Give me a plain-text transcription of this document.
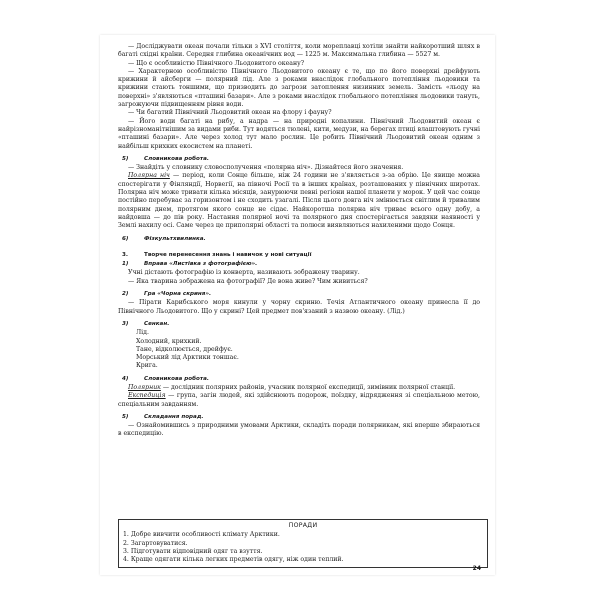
— Досліджувати океан почали тільки з XVI століття, коли мореплавці хотіли знайти найкоротший шлях в багаті східні країни. Середня глибина океанічних вод — 1225 м. Максимальна глибина — 5527 м.

— Що є особливістю Північного Льодовитого океану?

— Характерною особливістю Північного Льодовитого океану є те, що по його поверхні дрейфують крижини й айсберги — полярний лід. Але з роками внаслідок глобального потепління льодовики та крижини стають тоншими, що призводить до загрози затоплення низинних земель. Замість «льоду на поверхні» з'являються «пташині базари». Але з роками внаслідок глобального потепління льодовики тануть, загрожуючи підвищенням рівня води.

— Чи багатий Північний Льодовитий океан на флору і фауну?

— Його води багаті на рибу, а надра — на природні копалини. Північний Льодовитий океан є найрізноманітнішим за видами риби. Тут водяться тюлені, кити, медузи, на берегах птиці влаштовують гучні «пташині базари». Але через холод тут мало рослин. Це робить Північний Льодовитий океан одним з найбільш крихких екосистем на планеті.

5)	Словникова робота.

— Знайдіть у словнику словосполучення «полярна ніч». Дізнайтеся його значення.

Полярна ніч — період, коли Сонце більше, ніж 24 години не з'являється з-за обрію. Це явище можна спостерігати у Фінляндії, Норвегії, на півночі Росії та в інших країнах, розташованих у північних широтах. Полярна ніч може тривати кілька місяців, занурюючи певні регіони нашої планети у морок. У цей час сонце постійно перебуває за горизонтом і не сходить узагалі. Після цього довга ніч змінюється світлим й тривалим полярним днем, протягом якого сонце не сідає. Найкоротша полярна ніч триває всього одну добу, а найдовша — до пів року. Настання полярної ночі та полярного дня спостерігається завдяки наявності у Землі нахилу осі. Саме через це приполярні області та полюси виявляються нахиленими щодо Сонця.

6)	Фізкультхвилинка.

3.	Творче перенесення знань і навичок у нові ситуації

1)	Вправа «Листівка з фотографією».

Учні дістають фотографію із конверта, називають зображену тварину.

— Яка тварина зображена на фотографії? Де вона живе? Чим живиться?

2)	Гра «Чорна скриня».

— Пірати Карибського моря кинули у чорну скриню. Течія Атлантичного океану принесла її до Північного Льодовитого. Що у скрині? Цей предмет пов'язаний з назвою океану. (Лід.)

3)	Сенкан.

Лід.

Холодний, крихкий.

Тане, відколюється, дрейфує.

Морський лід Арктики тоншає.

Крига.

4)	Словникова робота.

Полярник — дослідник полярних районів, учасник полярної експедиції, зимівник полярної станції.

Експедиція — група, загін людей, які здійснюють подорож, поїздку, відрядження зі спеціальною метою, спеціальним завданням.

5)	Складання порад.

— Ознайомившись з природними умовами Арктики, складіть поради полярникам, які вперше збираються в експедицію.

ПОРАДИ

1. Добре вивчити особливості клімату Арктики.

2. Загартовуватися.

3. Підготувати відповідний одяг та взуття.

4. Краще одягати кілька легких предметів одягу, ніж один теплий.

24
